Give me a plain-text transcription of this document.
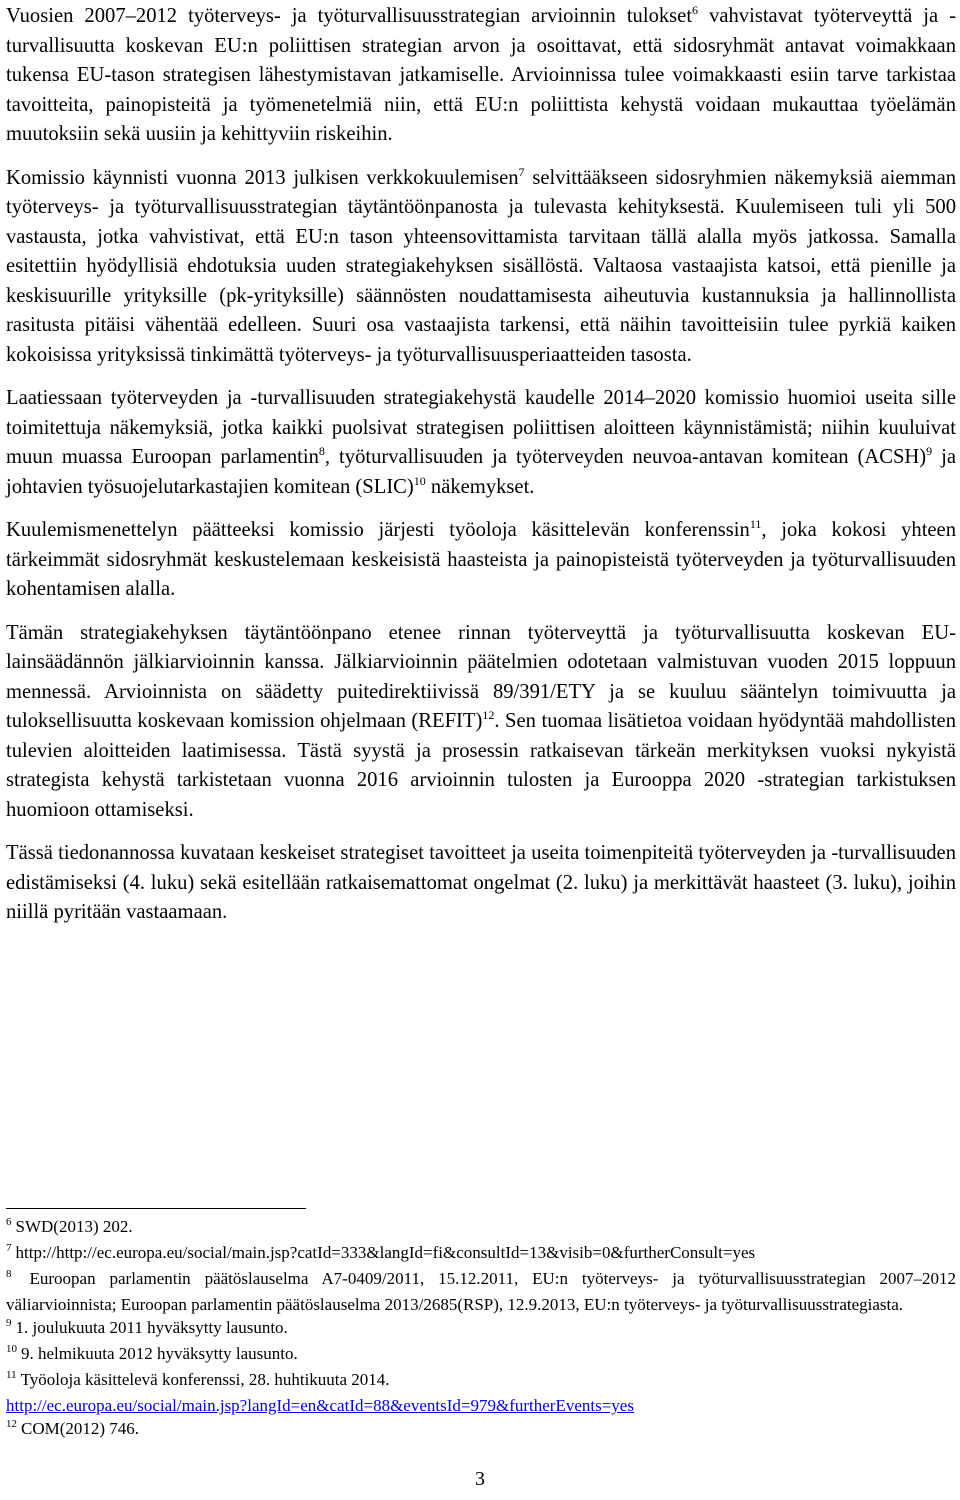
Vuosien 2007–2012 työterveys- ja työturvallisuusstrategian arvioinnin tulokset$^6$ vahvistavat työterveyttä ja -turvallisuutta koskevan EU:n poliittisen strategian arvon ja osoittavat, että sidosryhmät antavat voimakkaan tukensa EU-tason strategisen lähestymistavan jatkamiselle. Arvioinnissa tulee voimakkaasti esiin tarve tarkistaa tavoitteita, painopisteitä ja työmenetelmiä niin, että EU:n poliittista kehystä voidaan mukauttaa työelämän muutoksiin sekä uusiin ja kehittyviin riskeihin.

Komissio käynnisti vuonna 2013 julkisen verkkokuulemisen$^7$ selvittääkseen sidosryhmien näkemyksiä aiemman työterveys- ja työturvallisuusstrategian täytäntöönpanosta ja tulevasta kehityksestä. Kuulemiseen tuli yli 500 vastausta, jotka vahvistivat, että EU:n tason yhteensovittamista tarvitaan tällä alalla myös jatkossa. Samalla esitettiin hyödyllisiä ehdotuksia uuden strategiakehyksen sisällöstä. Valtaosa vastaajista katsoi, että pienille ja keskisuurille yrityksille (pk-yrityksille) säännösten noudattamisesta aiheutuvia kustannuksia ja hallinnollista rasitusta pitäisi vähentää edelleen. Suuri osa vastaajista tarkensi, että näihin tavoitteisiin tulee pyrkiä kaiken kokoisissa yrityksissä tinkimättä työterveys- ja työturvallisuusperiaatteiden tasosta.

Laatiessaan työterveyden ja -turvallisuuden strategiakehystä kaudelle 2014–2020 komissio huomioi useita sille toimitettuja näkemyksiä, jotka kaikki puolsivat strategisen poliittisen aloitteen käynnistämistä; niihin kuuluivat muun muassa Euroopan parlamentin$^8$, työturvallisuuden ja työterveyden neuvoa-antavan komitean (ACSH)$^9$ ja johtavien työsuojelutarkastajien komitean (SLIC)$^{10}$ näkemykset.

Kuulemismenettelyn päätteeksi komissio järjesti työoloja käsittelevän konferenssin$^{11}$, joka kokosi yhteen tärkeimmät sidosryhmät keskustelemaan keskeisistä haasteista ja painopisteistä työterveyden ja työturvallisuuden kohentamisen alalla.

Tämän strategiakehyksen täytäntöönpano etenee rinnan työterveyttä ja työturvallisuutta koskevan EU-lainsäädännön jälkiarvioinnin kanssa. Jälkiarvioinnin päätelmien odotetaan valmistuvan vuoden 2015 loppuun mennessä. Arvioinnista on säädetty puitedirektiivissä 89/391/ETY ja se kuuluu sääntelyn toimivuutta ja tuloksellisuutta koskevaan komission ohjelmaan (REFIT)$^{12}$. Sen tuomaa lisätietoa voidaan hyödyntää mahdollisten tulevien aloitteiden laatimisessa. Tästä syystä ja prosessin ratkaisevan tärkeän merkityksen vuoksi nykyistä strategista kehystä tarkistetaan vuonna 2016 arvioinnin tulosten ja Eurooppa 2020 -strategian tarkistuksen huomioon ottamiseksi.

Tässä tiedonannossa kuvataan keskeiset strategiset tavoitteet ja useita toimenpiteitä työterveyden ja -turvallisuuden edistämiseksi (4. luku) sekä esitellään ratkaisemattomat ongelmat (2. luku) ja merkittävät haasteet (3. luku), joihin niillä pyritään vastaamaan.

$^6$ SWD(2013) 202.

$^7$ http://http://ec.europa.eu/social/main.jsp?catId=333&langId=fi&consultId=13&visib=0&furtherConsult=yes

$^8$ Euroopan parlamentin päätöslauselma A7-0409/2011, 15.12.2011, EU:n työterveys- ja työturvallisuusstrategian 2007–2012 väliarvioinnista; Euroopan parlamentin päätöslauselma 2013/2685(RSP), 12.9.2013, EU:n työterveys- ja työturvallisuusstrategiasta.

$^9$ 1. joulukuuta 2011 hyväksytty lausunto.

$^{10}$ 9. helmikuuta 2012 hyväksytty lausunto.

$^{11}$ Työoloja käsittelevä konferenssi, 28. huhtikuuta 2014.

http://ec.europa.eu/social/main.jsp?langId=en&catId=88&eventsId=979&furtherEvents=yes

$^{12}$ COM(2012) 746.

3
